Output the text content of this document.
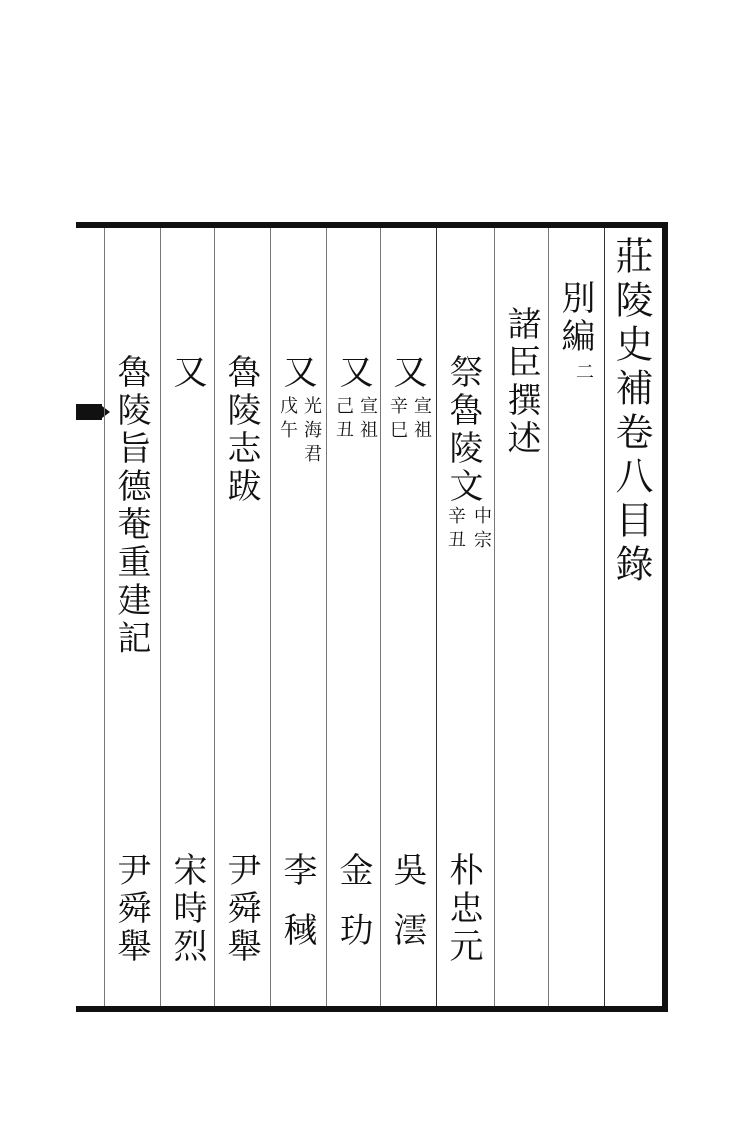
莊陵史補卷八目錄
別編
二
諸臣撰述
祭魯陵文
中宗
辛丑
朴忠元
又
宣祖
辛巳
吳澐
又
宣祖
己丑
金玏
又
光海君
戊午
李稶
魯陵志跋
尹舜舉
又
宋時烈
魯陵旨德菴重建記
尹舜舉
